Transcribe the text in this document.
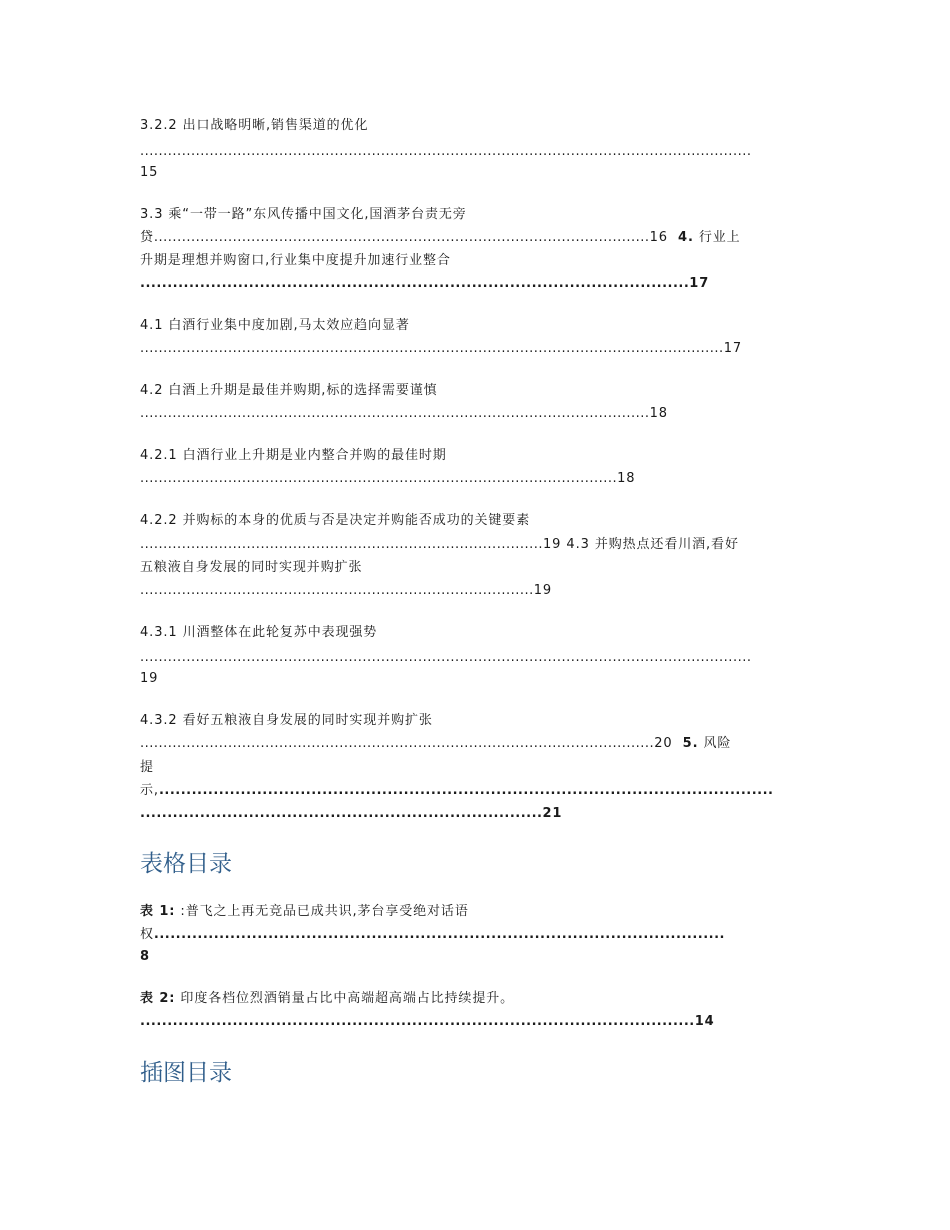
3.2.2 出口战略明晰,销售渠道的优化
....................................................................................................................................
15
3.3 乘“一带一路”东风传播中国文化,国酒茅台责无旁
贷...........................................................................................................16 4. 行业上
升期是理想并购窗口,行业集中度提升加速行业整合
.....................................................................................................17
4.1 白酒行业集中度加剧,马太效应趋向显著
..............................................................................................................................17
4.2 白酒上升期是最佳并购期,标的选择需要谨慎
..............................................................................................................18
4.2.1 白酒行业上升期是业内整合并购的最佳时期
.......................................................................................................18
4.2.2 并购标的本身的优质与否是决定并购能否成功的关键要素
.......................................................................................19 4.3 并购热点还看川酒,看好
五粮液自身发展的同时实现并购扩张
.....................................................................................19
4.3.1 川酒整体在此轮复苏中表现强势
....................................................................................................................................
19
4.3.2 看好五粮液自身发展的同时实现并购扩张
...............................................................................................................20 5. 风险
提
示,.................................................................................................................
..........................................................................21
表格目录
表 1: :普飞之上再无竞品已成共识,茅台享受绝对话语
权.........................................................................................................
8
表 2: 印度各档位烈酒销量占比中高端超高端占比持续提升。
......................................................................................................14
插图目录
